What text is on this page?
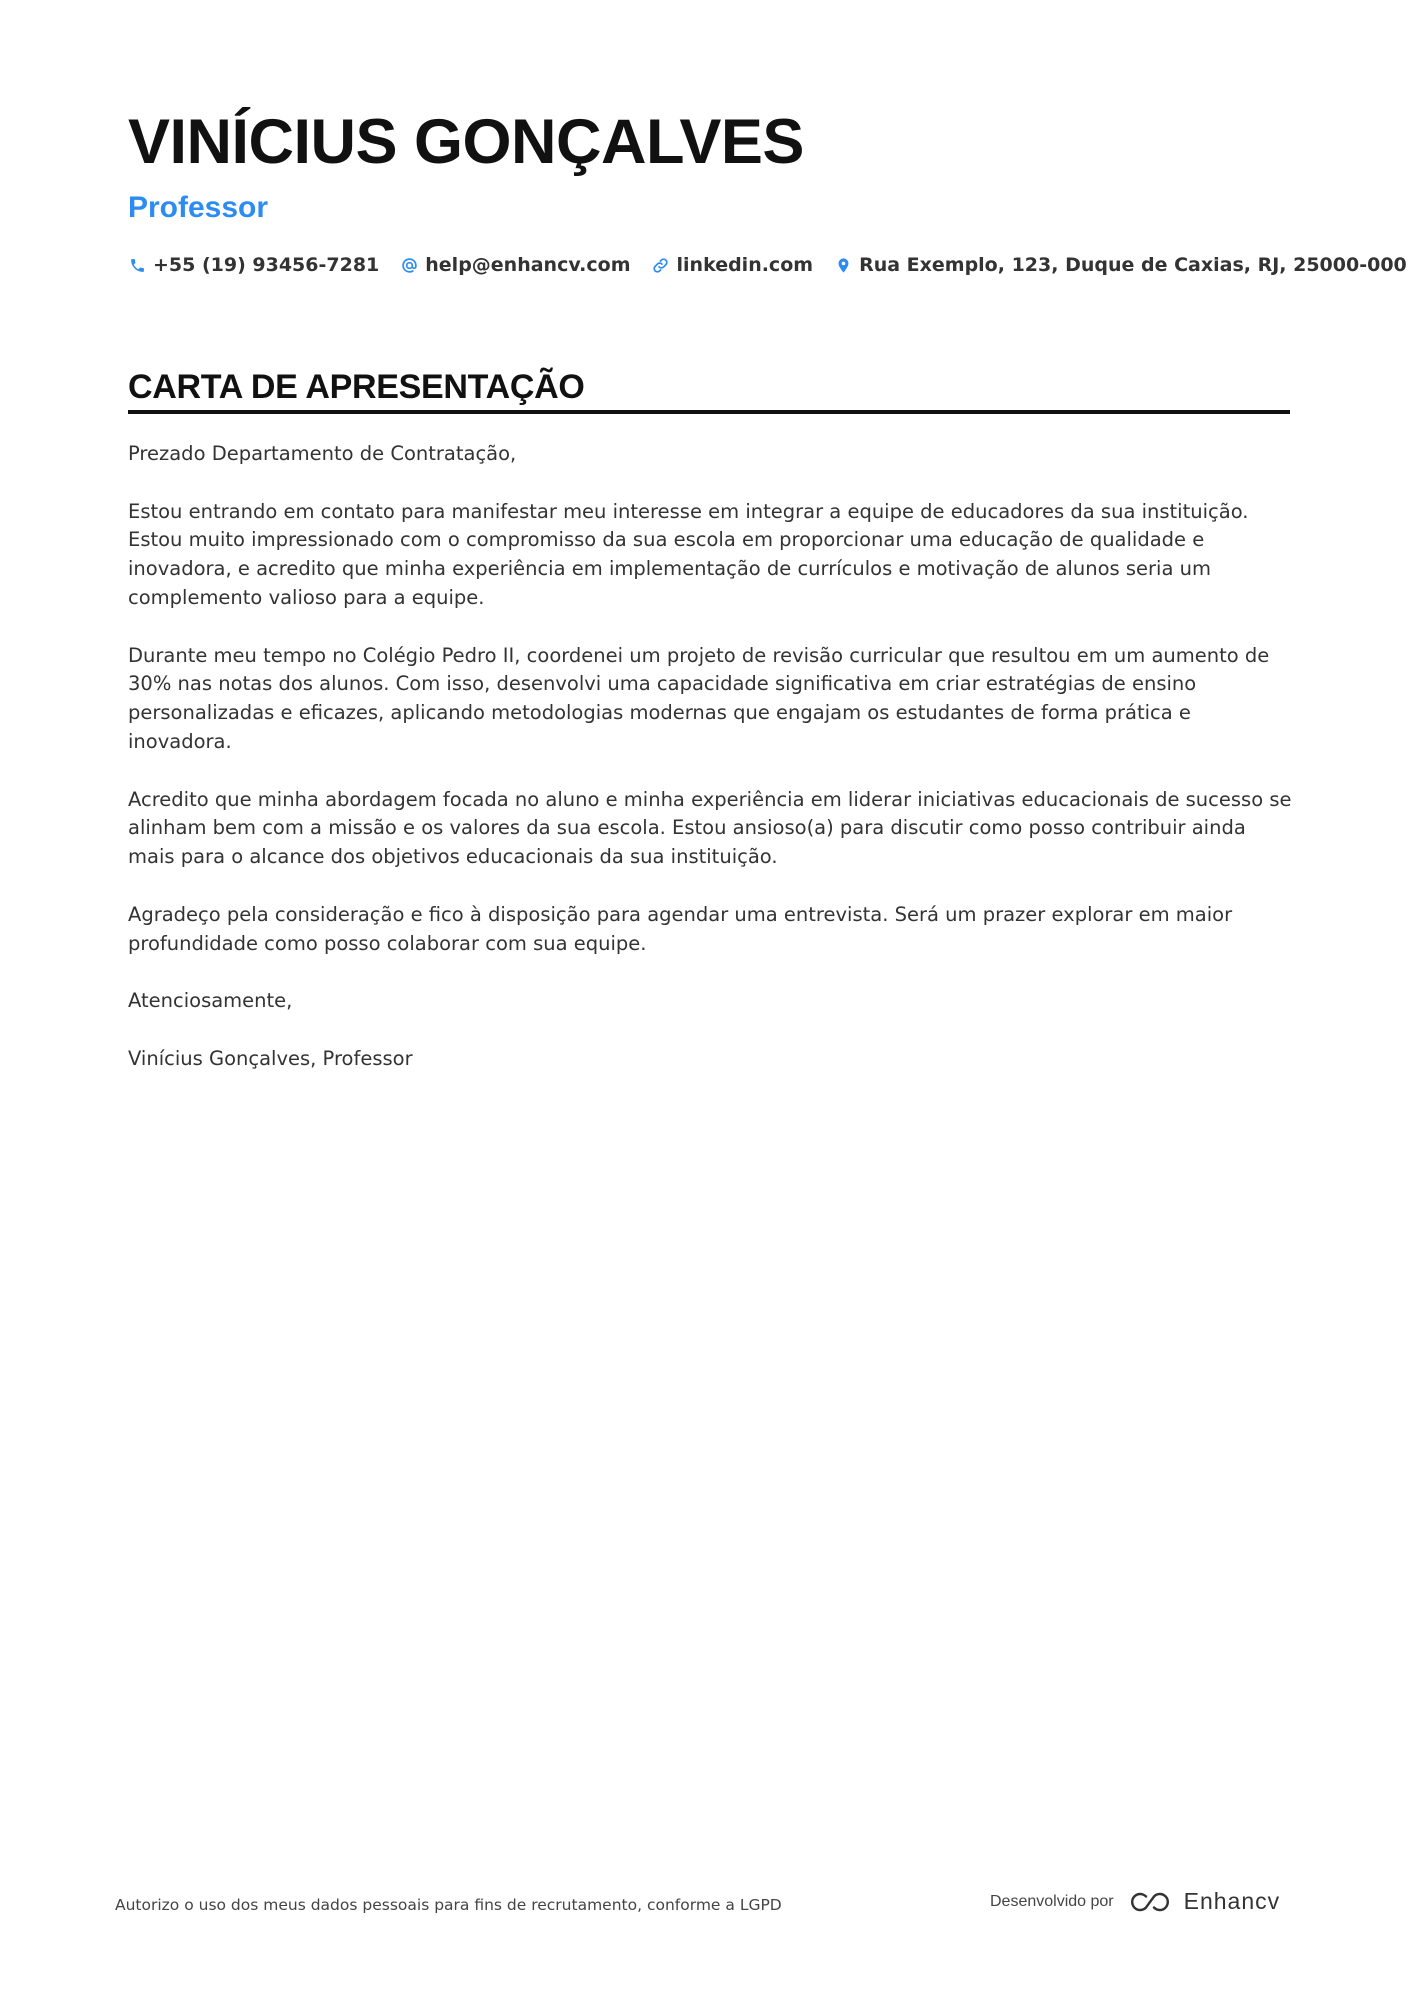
VINÍCIUS GONÇALVES
Professor
+55 (19) 93456-7281 help@enhancv.com linkedin.com Rua Exemplo, 123, Duque de Caxias, RJ, 25000-000
CARTA DE APRESENTAÇÃO

Prezado Departamento de Contratação,

Estou entrando em contato para manifestar meu interesse em integrar a equipe de educadores da sua instituição. Estou muito impressionado com o compromisso da sua escola em proporcionar uma educação de qualidade e inovadora, e acredito que minha experiência em implementação de currículos e motivação de alunos seria um complemento valioso para a equipe.

Durante meu tempo no Colégio Pedro II, coordenei um projeto de revisão curricular que resultou em um aumento de 30% nas notas dos alunos. Com isso, desenvolvi uma capacidade significativa em criar estratégias de ensino personalizadas e eficazes, aplicando metodologias modernas que engajam os estudantes de forma prática e inovadora.

Acredito que minha abordagem focada no aluno e minha experiência em liderar iniciativas educacionais de sucesso se alinham bem com a missão e os valores da sua escola. Estou ansioso(a) para discutir como posso contribuir ainda mais para o alcance dos objetivos educacionais da sua instituição.

Agradeço pela consideração e fico à disposição para agendar uma entrevista. Será um prazer explorar em maior profundidade como posso colaborar com sua equipe.

Atenciosamente,

Vinícius Gonçalves, Professor

Autorizo o uso dos meus dados pessoais para fins de recrutamento, conforme a LGPD	Desenvolvido por	Enhancv
